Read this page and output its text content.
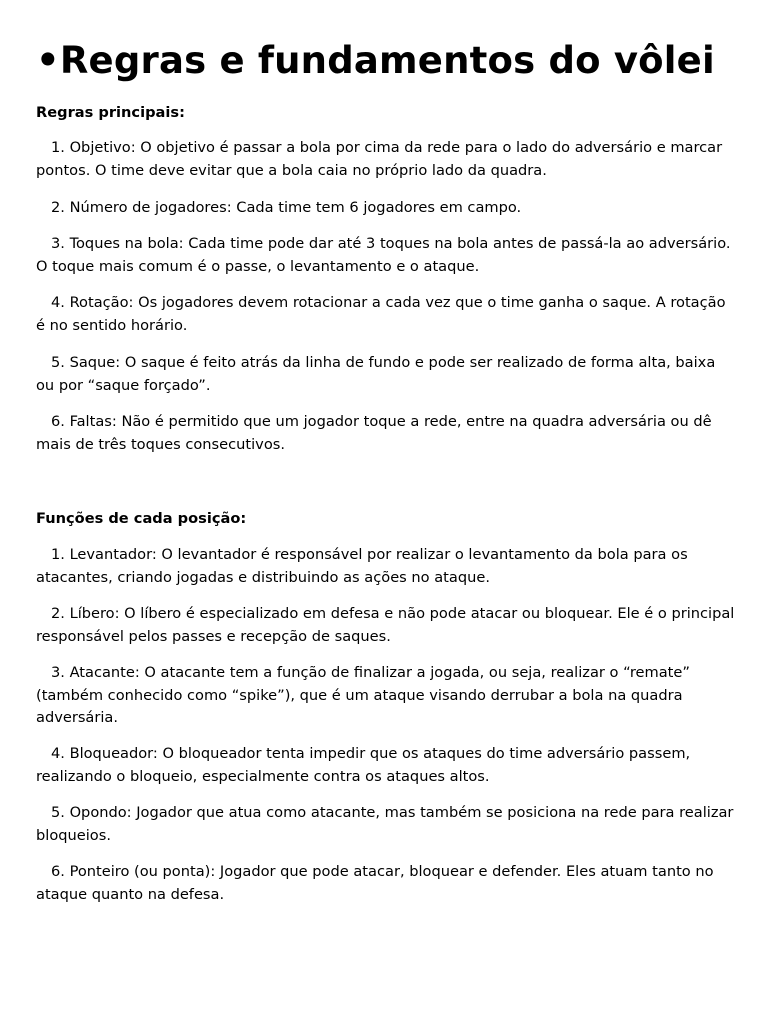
•Regras e fundamentos do vôlei
Regras principais:

1. Objetivo: O objetivo é passar a bola por cima da rede para o lado do adversário e marcar pontos. O time deve evitar que a bola caia no próprio lado da quadra.

2. Número de jogadores: Cada time tem 6 jogadores em campo.

3. Toques na bola: Cada time pode dar até 3 toques na bola antes de passá-la ao adversário. O toque mais comum é o passe, o levantamento e o ataque.

4. Rotação: Os jogadores devem rotacionar a cada vez que o time ganha o saque. A rotação é no sentido horário.

5. Saque: O saque é feito atrás da linha de fundo e pode ser realizado de forma alta, baixa ou por “saque forçado”.

6. Faltas: Não é permitido que um jogador toque a rede, entre na quadra adversária ou dê mais de três toques consecutivos.

Funções de cada posição:

1. Levantador: O levantador é responsável por realizar o levantamento da bola para os atacantes, criando jogadas e distribuindo as ações no ataque.

2. Líbero: O líbero é especializado em defesa e não pode atacar ou bloquear. Ele é o principal responsável pelos passes e recepção de saques.

3. Atacante: O atacante tem a função de finalizar a jogada, ou seja, realizar o “remate” (também conhecido como “spike”), que é um ataque visando derrubar a bola na quadra adversária.

4. Bloqueador: O bloqueador tenta impedir que os ataques do time adversário passem, realizando o bloqueio, especialmente contra os ataques altos.

5. Opondo: Jogador que atua como atacante, mas também se posiciona na rede para realizar bloqueios.

6. Ponteiro (ou ponta): Jogador que pode atacar, bloquear e defender. Eles atuam tanto no ataque quanto na defesa.
